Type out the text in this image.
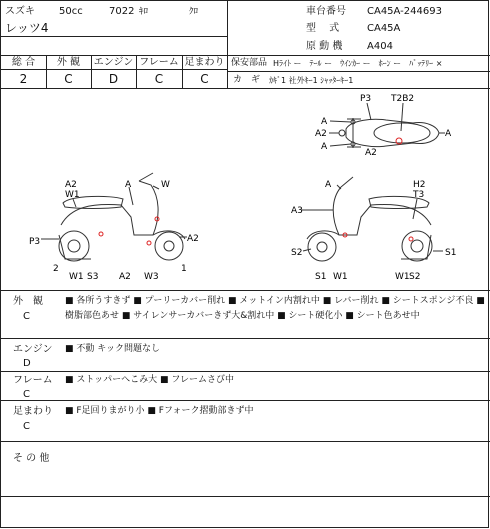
スズキ 50cc	7022 ｷﾛ	ｸﾛ
レッツ4
車台番号 CA45A-244693
型　 式	CA45A
原 動 機 A404
総 合	外 観	エンジン フレーム 足まわり
2	C	D	C	C
保安部品 Hﾗｲﾄ ー　ﾃｰﾙ ー　ｳｲﾝｶｰ ー　ﾎｰﾝ ー　ﾊﾞｯﾃﾘｰ ×
カ　ギ ｶｷﾞ1 社外ｷｰ1 ｼｬｯﾀｰｷｰ1
P3 T2B2
A
A2
A
A
A2
A2
W1
A	W
P3	A2
2
W1 S3 A2 W3
1
A	H2
T3
A3
S2	S1
S1 W1	W1 S2
外　観
C
■ 各所うすきず ■ プーリーカバー削れ ■ メットイン内割れ中 ■ レバー削れ ■ シートスポンジ不良 ■
樹脂部色あせ ■ サイレンサーカバーきず大&割れ中 ■ シート硬化小 ■ シート色あせ中
エンジン
D
■ 不動 キック問題なし
フレーム
C
■ ストッパーへこみ大 ■ フレームさび中
足まわり
C
■ F足回りまがり小 ■ Fフォーク摺動部きず中
そ の 他
